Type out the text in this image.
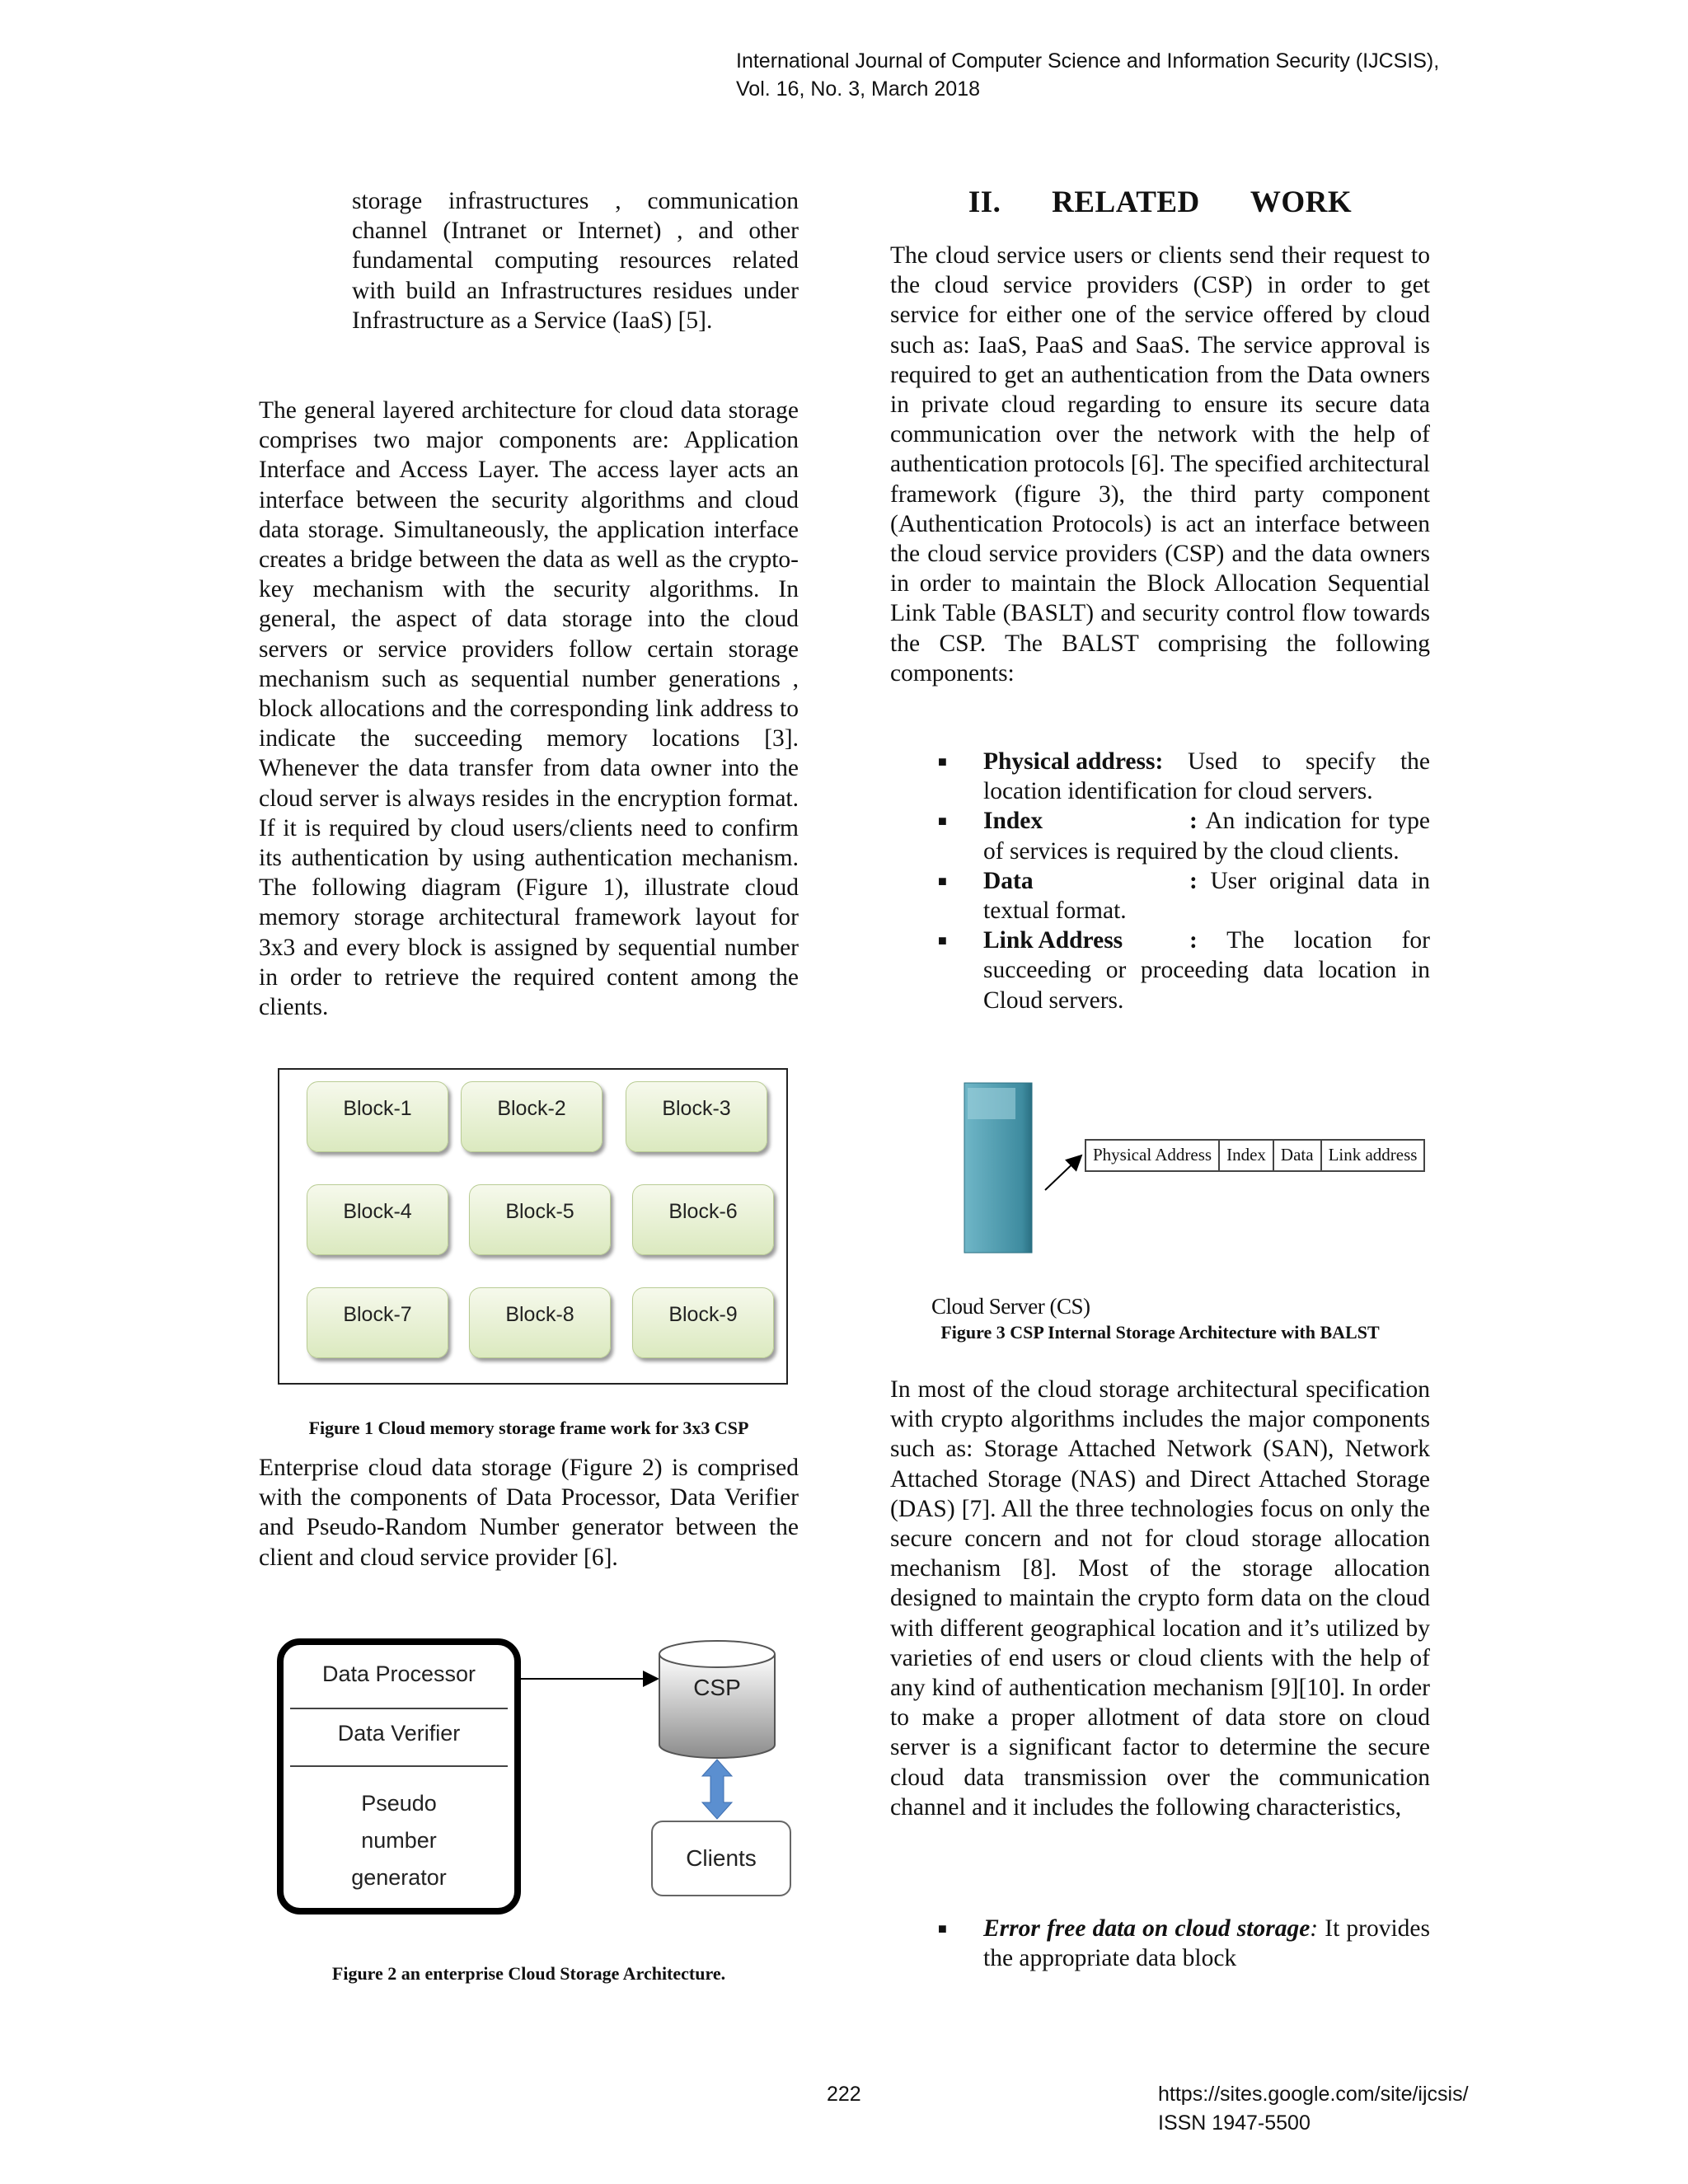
International Journal of Computer Science and Information Security (IJCSIS),
Vol. 16, No. 3, March 2018

storage infrastructures , communication channel (Intranet or Internet) , and other fundamental computing resources related with build an Infrastructures residues under Infrastructure as a Service (IaaS) [5].

The general layered architecture for cloud data storage comprises two major components are: Application Interface and Access Layer. The access layer acts an interface between the security algorithms and cloud data storage. Simultaneously, the application interface creates a bridge between the data as well as the crypto-key mechanism with the security algorithms. In general, the aspect of data storage into the cloud servers or service providers follow certain storage mechanism such as sequential number generations , block allocations and the corresponding link address to indicate the succeeding memory locations [3]. Whenever the data transfer from data owner into the cloud server is always resides in the encryption format. If it is required by cloud users/clients need to confirm its authentication by using authentication mechanism. The following diagram (Figure 1), illustrate cloud memory storage architectural framework layout for 3x3 and every block is assigned by sequential number in order to retrieve the required content among the clients.

Block-1	Block-2	Block-3
Block-4	Block-5	Block-6
Block-7	Block-8	Block-9
Figure 1 Cloud memory storage frame work for 3x3 CSP

Enterprise cloud data storage (Figure 2) is comprised with the components of Data Processor, Data Verifier and Pseudo-Random Number generator between the client and cloud service provider [6].

Data Processor
Data Verifier
Pseudo
number
generator
CSP
Clients
Figure 2 an enterprise Cloud Storage Architecture.
II. RELATED WORK

The cloud service users or clients send their request to the cloud service providers (CSP) in order to get service for either one of the service offered by cloud such as: IaaS, PaaS and SaaS. The service approval is required to get an authentication from the Data owners in private cloud regarding to ensure its secure data communication over the network with the help of authentication protocols [6]. The specified architectural framework (figure 3), the third party component (Authentication Protocols) is act an interface between the cloud service providers (CSP) and the data owners in order to maintain the Block Allocation Sequential Link Table (BASLT) and security control flow towards the CSP. The BALST comprising the following components:

■ Physical address: Used to specify the location identification for cloud servers.
■ Index	: An indication for type of services is required by the cloud clients.
■ Data	: User original data in textual format.
■ Link Address	: The location for succeeding or proceeding data location in Cloud servers.
Physical Address Index Data Link address
Cloud Server (CS)
Figure 3 CSP Internal Storage Architecture with BALST

In most of the cloud storage architectural specification with crypto algorithms includes the major components such as: Storage Attached Network (SAN), Network Attached Storage (NAS) and Direct Attached Storage (DAS) [7]. All the three technologies focus on only the secure concern and not for cloud storage allocation mechanism [8]. Most of the storage allocation designed to maintain the crypto form data on the cloud with different geographical location and it’s utilized by varieties of end users or cloud clients with the help of any kind of authentication mechanism [9][10]. In order to make a proper allotment of data store on cloud server is a significant factor to determine the secure cloud data transmission over the communication channel and it includes the following characteristics,

■ Error free data on cloud storage: It provides the appropriate data block
222	https://sites.google.com/site/ijcsis/
ISSN 1947-5500
